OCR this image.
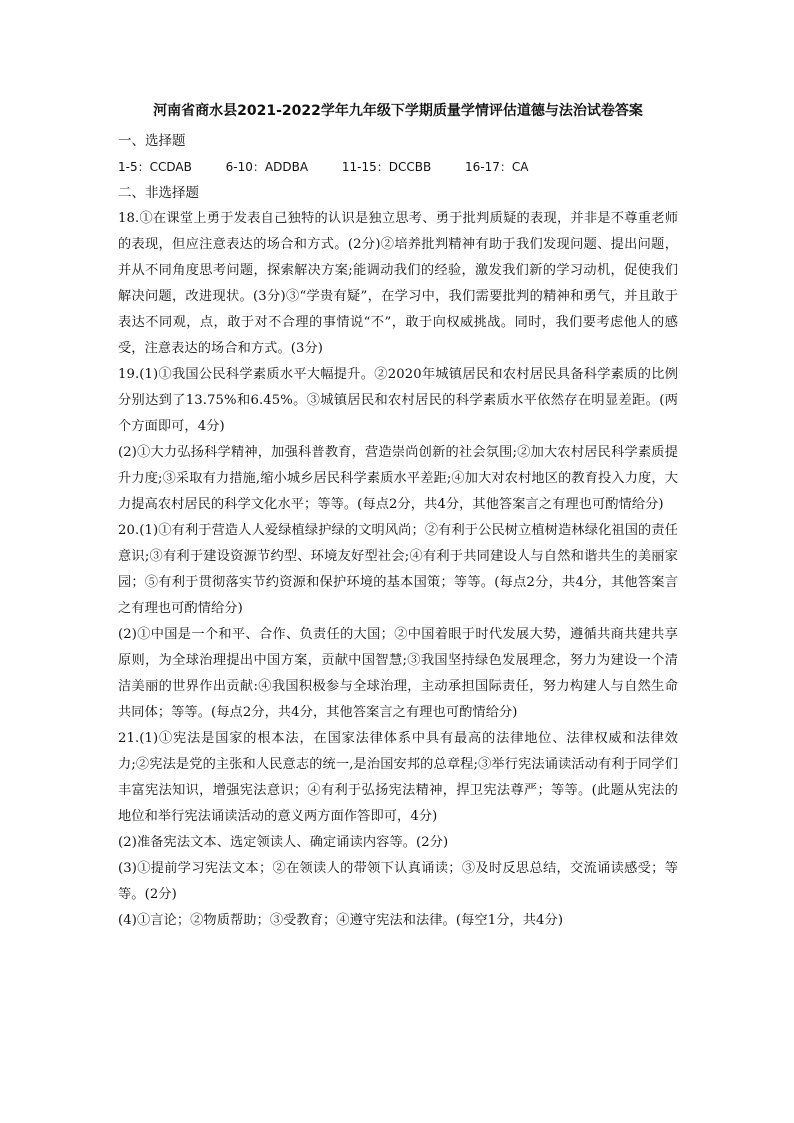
河南省商水县2021-2022学年九年级下学期质量学情评估道德与法治试卷答案
一、选择题
1-5：CCDAB	6-10：ADDBA	11-15：DCCBB	16-17：CA
二、非选择题

18.①在课堂上勇于发表自己独特的认识是独立思考、勇于批判质疑的表现，并非是不尊重老师的表现，但应注意表达的场合和方式。(2分)②培养批判精神有助于我们发现问题、提出问题，并从不同角度思考问题，探索解决方案;能调动我们的经验，激发我们新的学习动机，促使我们解决问题，改进现状。(3分)③“学贵有疑”，在学习中，我们需要批判的精神和勇气，并且敢于表达不同观，点，敢于对不合理的事情说“不”，敢于向权威挑战。同时，我们要考虑他人的感受，注意表达的场合和方式。(3分)

19.(1)①我国公民科学素质水平大幅提升。②2020年城镇居民和农村居民具备科学素质的比例分别达到了13.75%和6.45%。③城镇居民和农村居民的科学素质水平依然存在明显差距。(两个方面即可，4分)

(2)①大力弘扬科学精神，加强科普教育，营造崇尚创新的社会氛围;②加大农村居民科学素质提升力度;③采取有力措施,缩小城乡居民科学素质水平差距;④加大对农村地区的教育投入力度，大力提高农村居民的科学文化水平；等等。(每点2分，共4分，其他答案言之有理也可酌情给分)

20.(1)①有利于营造人人爱绿植绿护绿的文明风尚；②有利于公民树立植树造林绿化祖国的责任意识;③有利于建设资源节约型、环境友好型社会;④有利于共同建设人与自然和谐共生的美丽家园；⑤有利于贯彻落实节约资源和保护环境的基本国策；等等。(每点2分，共4分，其他答案言之有理也可酌情给分)

(2)①中国是一个和平、合作、负责任的大国；②中国着眼于时代发展大势，遵循共商共建共享原则，为全球治理提出中国方案，贡献中国智慧;③我国坚持绿色发展理念，努力为建设一个清洁美丽的世界作出贡献:④我国积极参与全球治理，主动承担国际责任，努力构建人与自然生命共同体；等等。(每点2分，共4分，其他答案言之有理也可酌情给分)

21.(1)①宪法是国家的根本法，在国家法律体系中具有最高的法律地位、法律权威和法律效力;②宪法是党的主张和人民意志的统一,是治国安邦的总章程;③举行宪法诵读活动有利于同学们丰富宪法知识，增强宪法意识；④有利于弘扬宪法精神，捍卫宪法尊严；等等。(此题从宪法的地位和举行宪法诵读活动的意义两方面作答即可，4分)

(2)准备宪法文本、选定领读人、确定诵读内容等。(2分)

(3)①提前学习宪法文本；②在领读人的带领下认真诵读；③及时反思总结，交流诵读感受；等等。(2分)

(4)①言论；②物质帮助；③受教育；④遵守宪法和法律。(每空1分，共4分)
